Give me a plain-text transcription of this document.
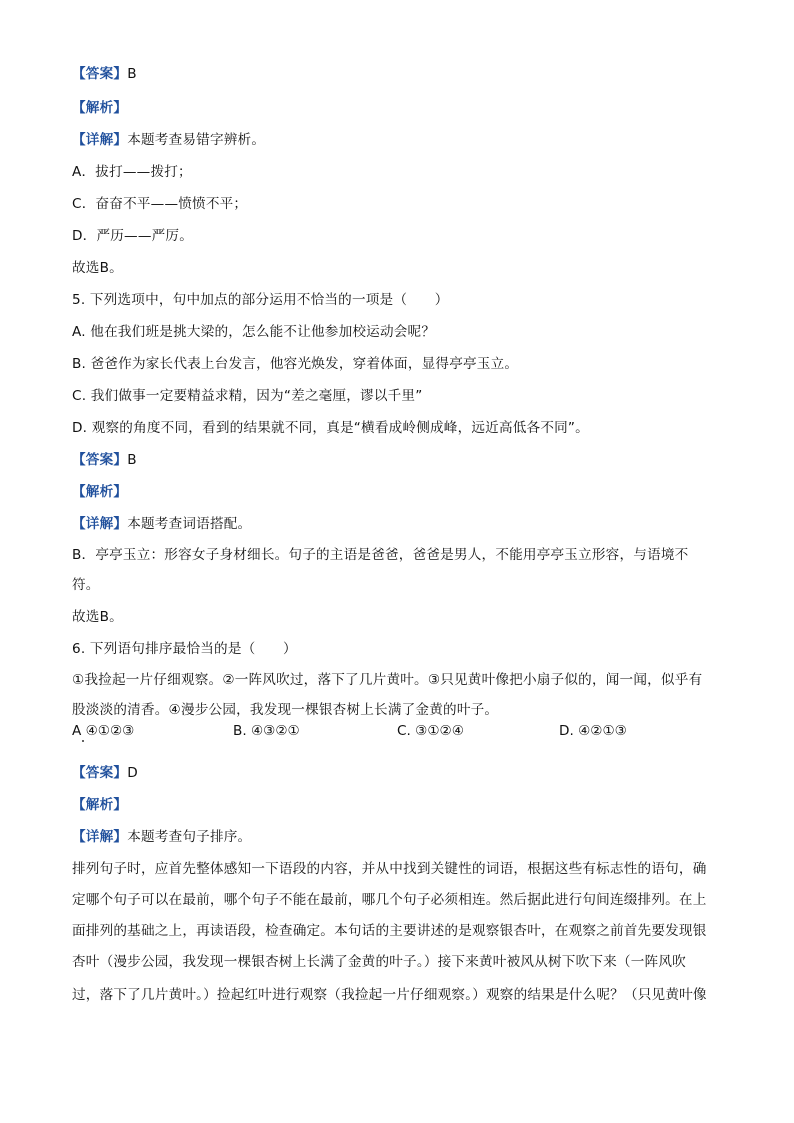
【答案】B
【解析】
【详解】本题考查易错字辨析。
A．拔打——拨打；
C．奋奋不平——愤愤不平；
D．严历——严厉。
故选B。
5. 下列选项中，句中加点的部分运用不恰当的一项是（　　）
A. 他在我们班是挑大梁的，怎么能不让他参加校运动会呢？
B. 爸爸作为家长代表上台发言，他容光焕发，穿着体面，显得亭亭玉立。
C. 我们做事一定要精益求精，因为“差之毫厘，谬以千里”
D. 观察的角度不同，看到的结果就不同，真是“横看成岭侧成峰，远近高低各不同”。
【答案】B
【解析】
【详解】本题考查词语搭配。
B．亭亭玉立：形容女子身材细长。句子的主语是爸爸，爸爸是男人，不能用亭亭玉立形容，与语境不
符。
故选B。
6. 下列语句排序最恰当的是（　　）
①我捡起一片仔细观察。②一阵风吹过，落下了几片黄叶。③只见黄叶像把小扇子似的，闻一闻，似乎有
股淡淡的清香。④漫步公园，我发现一棵银杏树上长满了金黄的叶子。
A ④①②③	B. ④③②①	C. ③①②④	D. ④②①③
【答案】D
【解析】
【详解】本题考查句子排序。
排列句子时，应首先整体感知一下语段的内容，并从中找到关键性的词语，根据这些有标志性的语句，确
定哪个句子可以在最前，哪个句子不能在最前，哪几个句子必须相连。然后据此进行句间连缀排列。在上
面排列的基础之上，再读语段，检查确定。本句话的主要讲述的是观察银杏叶，在观察之前首先要发现银
杏叶（漫步公园，我发现一棵银杏树上长满了金黄的叶子。）接下来黄叶被风从树下吹下来（一阵风吹
过，落下了几片黄叶。）捡起红叶进行观察（我捡起一片仔细观察。）观察的结果是什么呢？（只见黄叶像
